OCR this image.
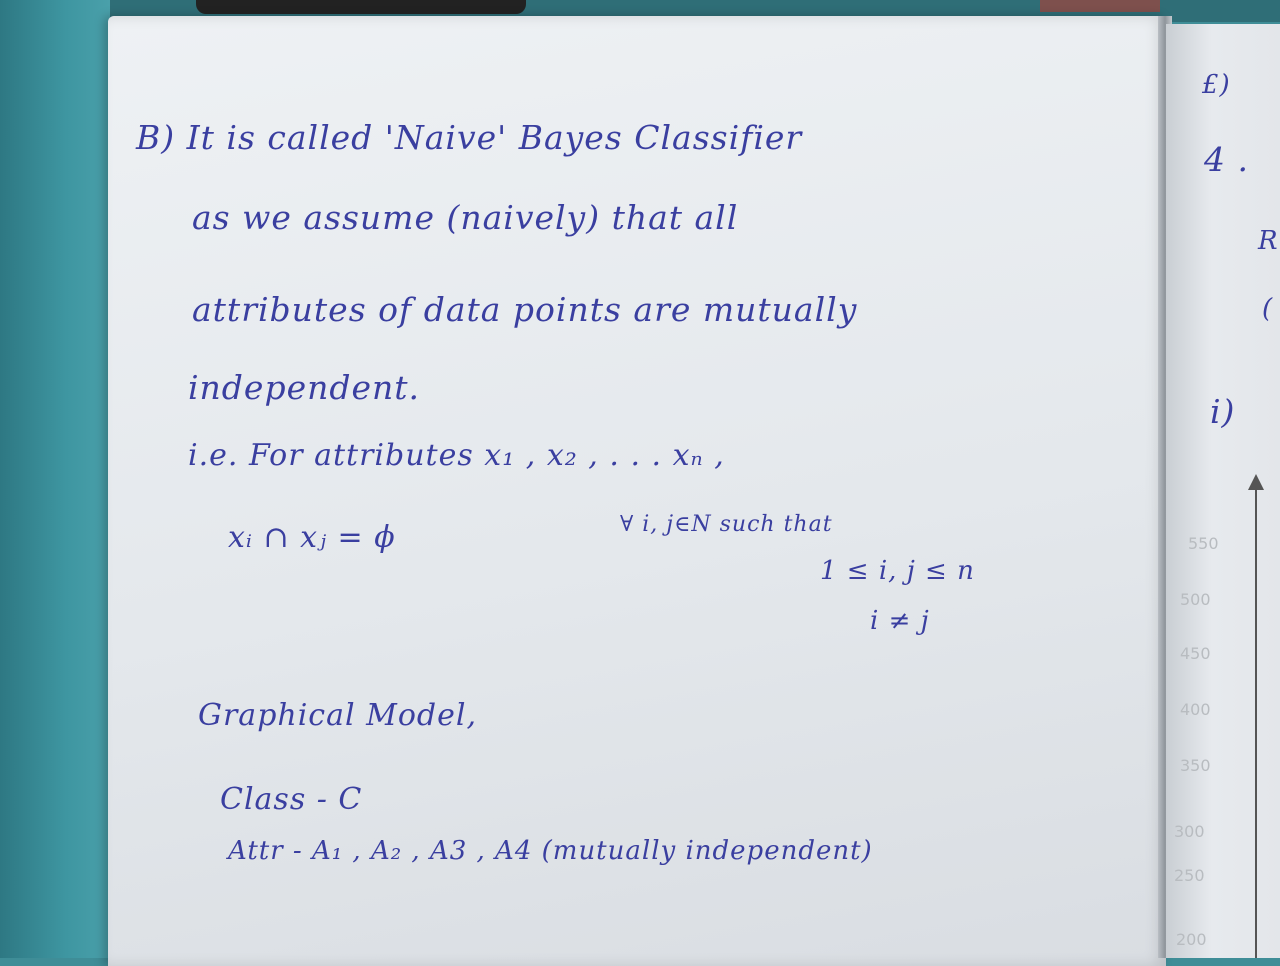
B) It is called 'Naive' Bayes Classifier
as we assume (naively) that all
attributes of data points are mutually
independent.
i.e. For attributes x₁ , x₂ , . . . xₙ ,
xᵢ ∩ xⱼ = ϕ	∀ i, j∈N such that
1 ≤ i, j ≤ n
i ≠ j
Graphical Model,
Class - C
Attr - A₁ , A₂ , A3 , A4 (mutually independent)
£)
4 .
R
(
i)
550
500
450
400
350
300
250
200
